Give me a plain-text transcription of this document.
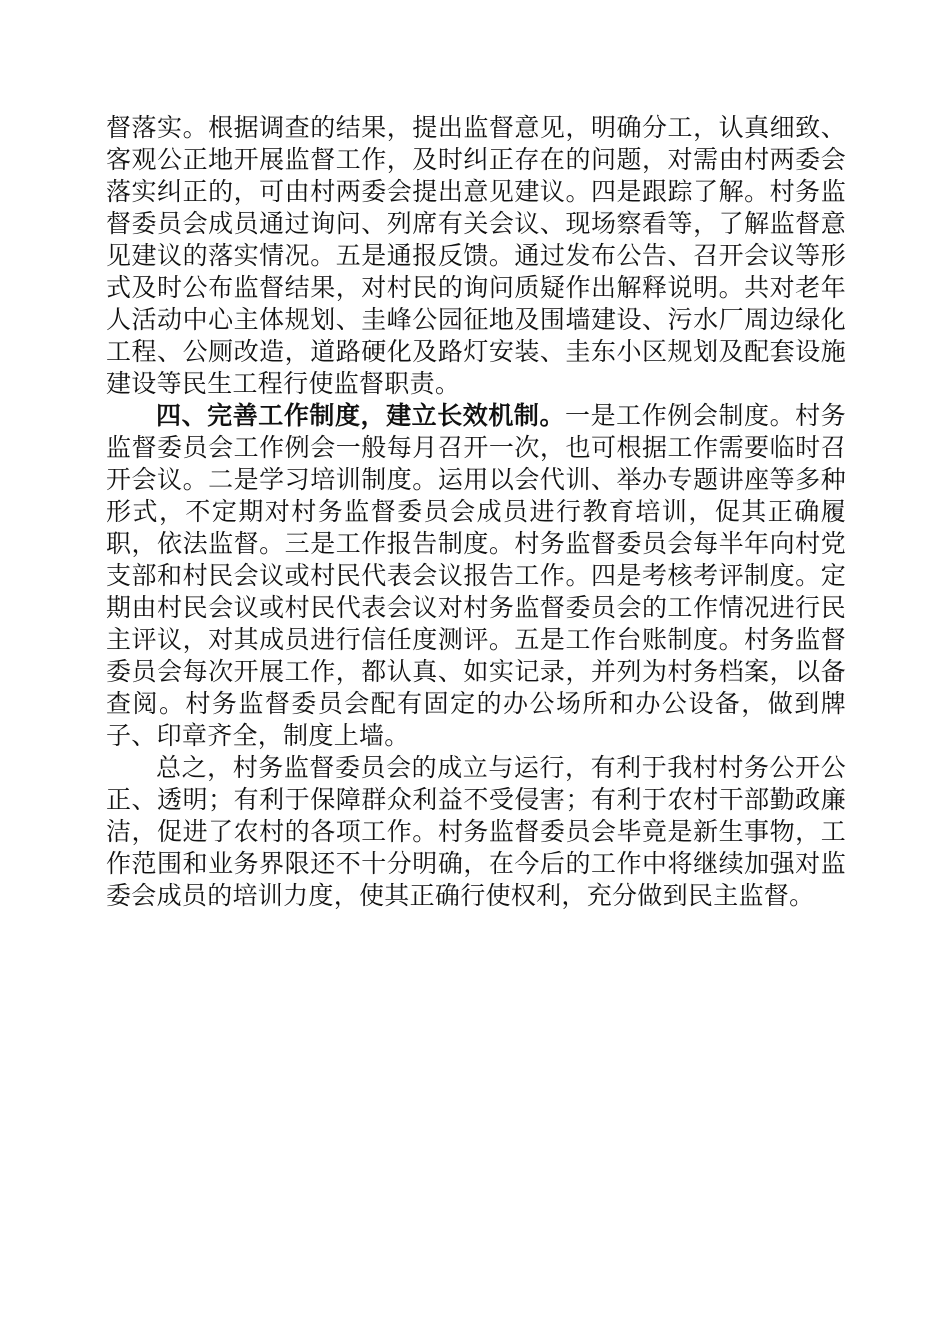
督落实。根据调查的结果，提出监督意见，明确分工，认真细致、客观公正地开展监督工作，及时纠正存在的问题，对需由村两委会落实纠正的，可由村两委会提出意见建议。四是跟踪了解。村务监督委员会成员通过询问、列席有关会议、现场察看等，了解监督意见建议的落实情况。五是通报反馈。通过发布公告、召开会议等形式及时公布监督结果，对村民的询问质疑作出解释说明。共对老年人活动中心主体规划、圭峰公园征地及围墙建设、污水厂周边绿化工程、公厕改造，道路硬化及路灯安装、圭东小区规划及配套设施建设等民生工程行使监督职责。

四、完善工作制度，建立长效机制。一是工作例会制度。村务监督委员会工作例会一般每月召开一次，也可根据工作需要临时召开会议。二是学习培训制度。运用以会代训、举办专题讲座等多种形式，不定期对村务监督委员会成员进行教育培训，促其正确履职，依法监督。三是工作报告制度。村务监督委员会每半年向村党支部和村民会议或村民代表会议报告工作。四是考核考评制度。定期由村民会议或村民代表会议对村务监督委员会的工作情况进行民主评议，对其成员进行信任度测评。五是工作台账制度。村务监督委员会每次开展工作，都认真、如实记录，并列为村务档案，以备查阅。村务监督委员会配有固定的办公场所和办公设备，做到牌子、印章齐全，制度上墙。

总之，村务监督委员会的成立与运行，有利于我村村务公开公正、透明；有利于保障群众利益不受侵害；有利于农村干部勤政廉洁，促进了农村的各项工作。村务监督委员会毕竟是新生事物，工作范围和业务界限还不十分明确，在今后的工作中将继续加强对监委会成员的培训力度，使其正确行使权利，充分做到民主监督。
